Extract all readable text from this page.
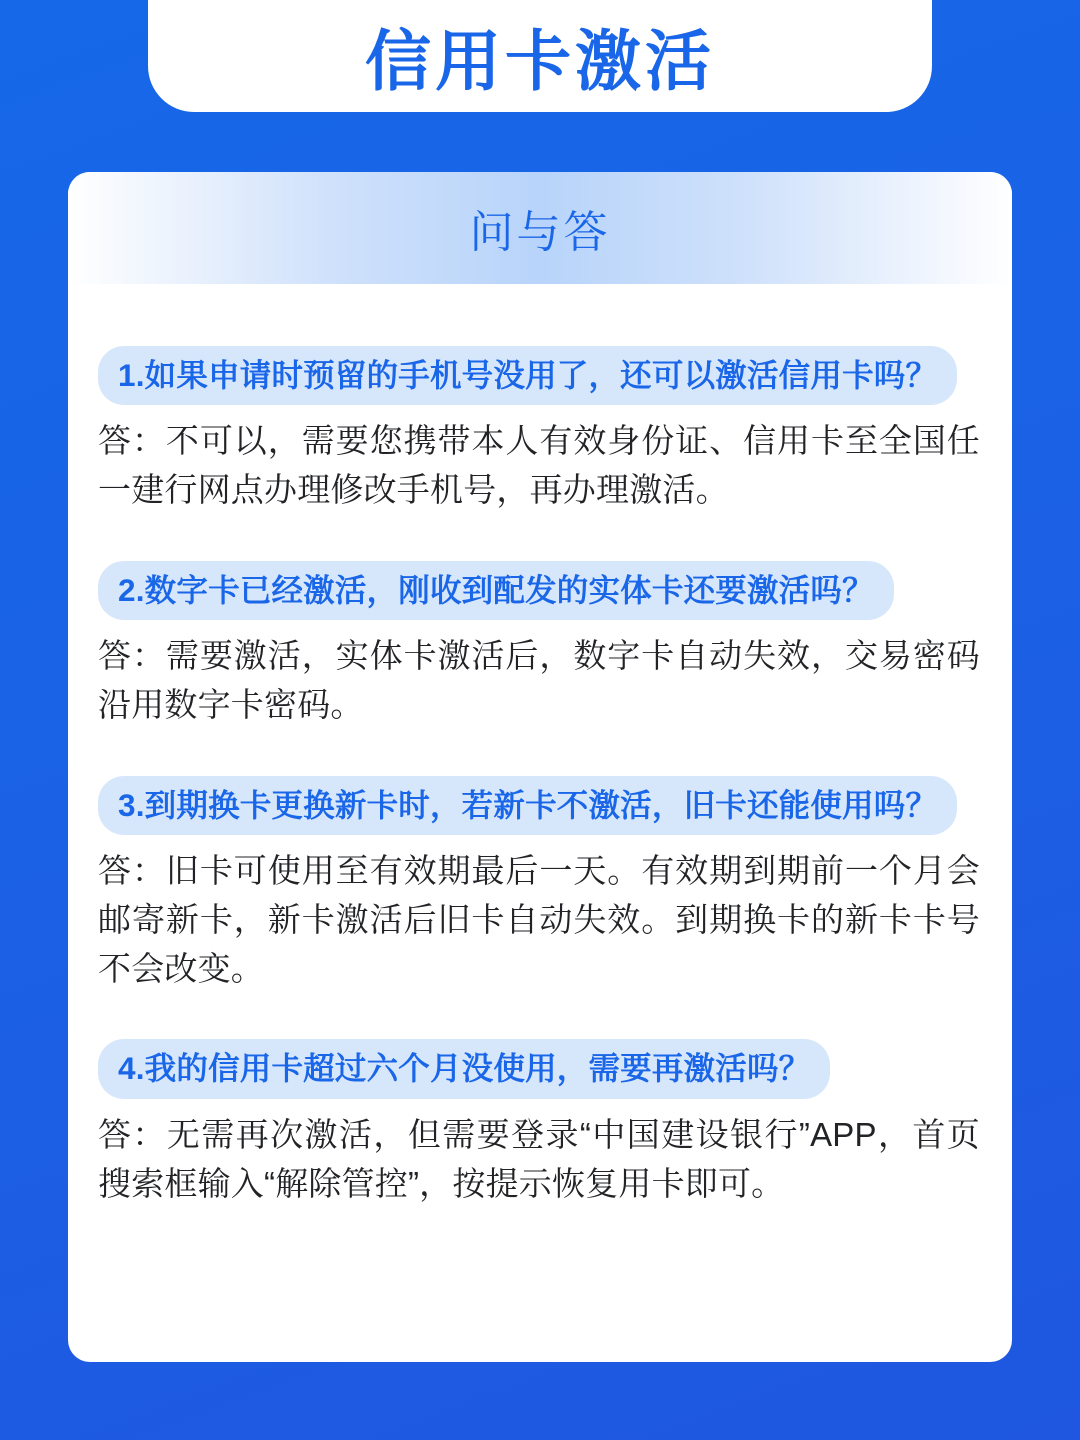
信用卡激活
问与答
1.如果申请时预留的手机号没用了，还可以激活信用卡吗？
答：不可以，需要您携带本人有效身份证、信用卡至全国任一建行网点办理修改手机号，再办理激活。
2.数字卡已经激活，刚收到配发的实体卡还要激活吗？
答：需要激活，实体卡激活后，数字卡自动失效，交易密码沿用数字卡密码。
3.到期换卡更换新卡时，若新卡不激活，旧卡还能使用吗？
答：旧卡可使用至有效期最后一天。有效期到期前一个月会邮寄新卡，新卡激活后旧卡自动失效。到期换卡的新卡卡号不会改变。
4.我的信用卡超过六个月没使用，需要再激活吗？
答：无需再次激活，但需要登录“中国建设银行”APP，首页搜索框输入“解除管控”，按提示恢复用卡即可。
